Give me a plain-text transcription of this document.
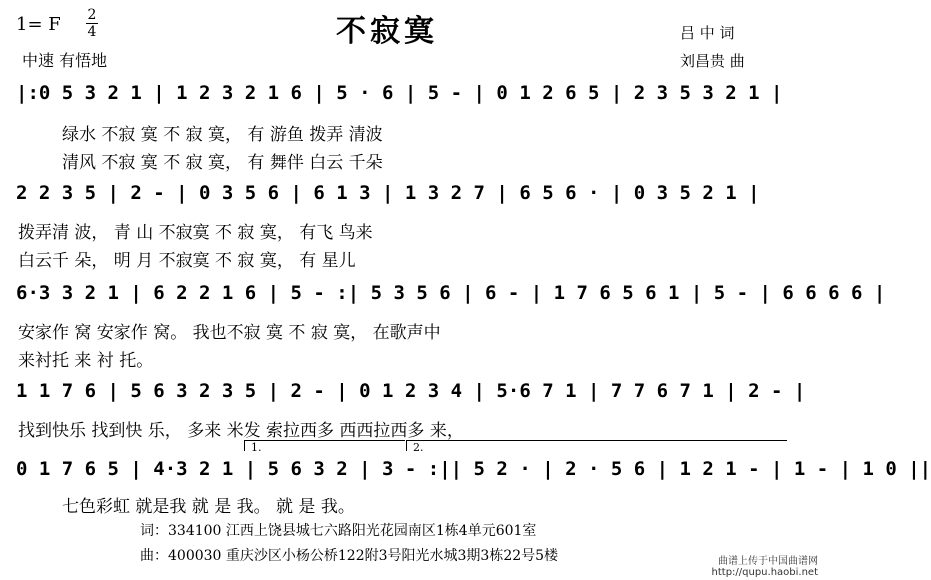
1= F 2
4	不寂寞	吕 中 词
刘昌贵 曲
中速 有悟地
|:0 5 3 2 1 | 1 2 3 2 1 6 | 5 · 6 | 5 - | 0 1 2 6 5 | 2 3 5 3 2 1 |
绿水 不寂 寞 不 寂 寞， 有 游鱼 拨弄 清波
清风 不寂 寞 不 寂 寞， 有 舞伴 白云 千朵
2 2 3 5 | 2 - | 0 3 5 6 | 6 1 3 | 1 3 2 7 | 6 5 6 · | 0 3 5 2 1 |
拨弄清 波， 青 山 不寂寞 不 寂 寞， 有飞 鸟来
白云千 朵， 明 月 不寂寞 不 寂 寞， 有 星儿
6·3 3 2 1 | 6 2 2 1 6 | 5 - :| 5 3 5 6 | 6 - | 1 7 6 5 6 1 | 5 - | 6 6 6 6 |
安家作 窝 安家作 窝。 我也不寂 寞 不 寂 寞， 在歌声中
来衬托 来 衬 托。
1 1 7 6 | 5 6 3 2 3 5 | 2 - | 0 1 2 3 4 | 5·6 7 1 | 7 7 6 7 1 | 2 - |
找到快乐 找到快 乐， 多来 米发 索拉西多 西西拉西多 来，
1.	2.
0 1 7 6 5 | 4·3 2 1 | 5 6 3 2 | 3 - :|| 5 2 · | 2 · 5 6 | 1 2 1 - | 1 - | 1 0 ||
七色彩虹 就是我 就 是 我。 就 是 我。
词：334100 江西上饶县城七六路阳光花园南区1栋4单元601室
曲：400030 重庆沙区小杨公桥122附3号阳光水城3期3栋22号5楼	曲谱上传于中国曲谱网
http://qupu.haobi.net
